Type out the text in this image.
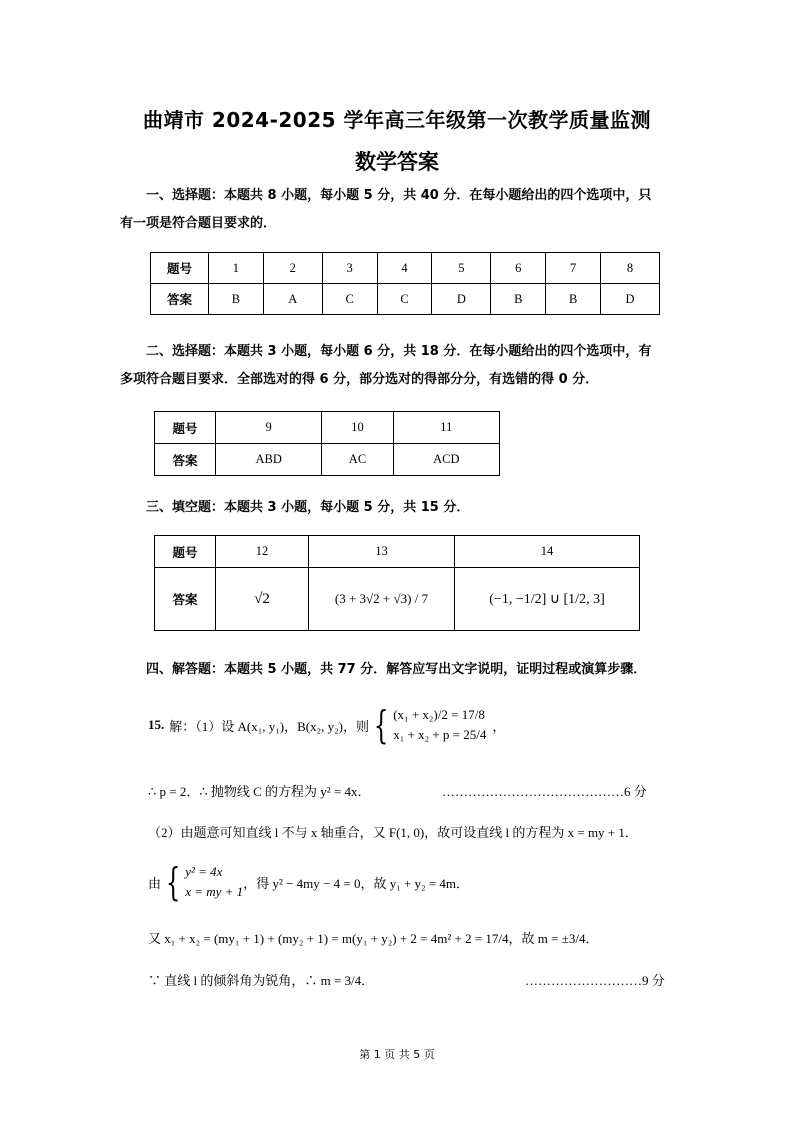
曲靖市 2024-2025 学年高三年级第一次教学质量监测
数学答案
一、选择题：本题共 8 小题，每小题 5 分，共 40 分．在每小题给出的四个选项中，只
有一项是符合题目要求的．
题号	1	2	3	4	5	6	7	8
答案	B	A	C	C	D	B	B	D
二、选择题：本题共 3 小题，每小题 6 分，共 18 分．在每小题给出的四个选项中，有
多项符合题目要求．全部选对的得 6 分，部分选对的得部分分，有选错的得 0 分．
题号	9	10	11
答案	ABD	AC	ACD
三、填空题：本题共 3 小题，每小题 5 分，共 15 分．
题号	12	13	14
答案	√2	(3 + 3√2 + √3) / 7	(−1, −1/2] ∪ [1/2, 3]
四、解答题：本题共 5 小题，共 77 分．解答应写出文字说明，证明过程或演算步骤．
15. 解：（1）设 A(x₁, y₁)，B(x₂, y₂)，则 { (x₁ + x₂)/2 = 17/8
x₁ + x₂ + p = 25/4
，
∴ p = 2．∴ 抛物线 C 的方程为 y² = 4x．	……………………………………6 分
（2）由题意可知直线 l 不与 x 轴重合，又 F(1, 0)，故可设直线 l 的方程为 x = my + 1．
由 { y² = 4x
x = my + 1
，得 y² − 4my − 4 = 0，故 y₁ + y₂ = 4m．
又 x₁ + x₂ = (my₁ + 1) + (my₂ + 1) = m(y₁ + y₂) + 2 = 4m² + 2 = 17/4，故 m = ±3/4．
∵ 直线 l 的倾斜角为锐角，∴ m = 3/4．	………………………9 分
第 1 页 共 5 页
